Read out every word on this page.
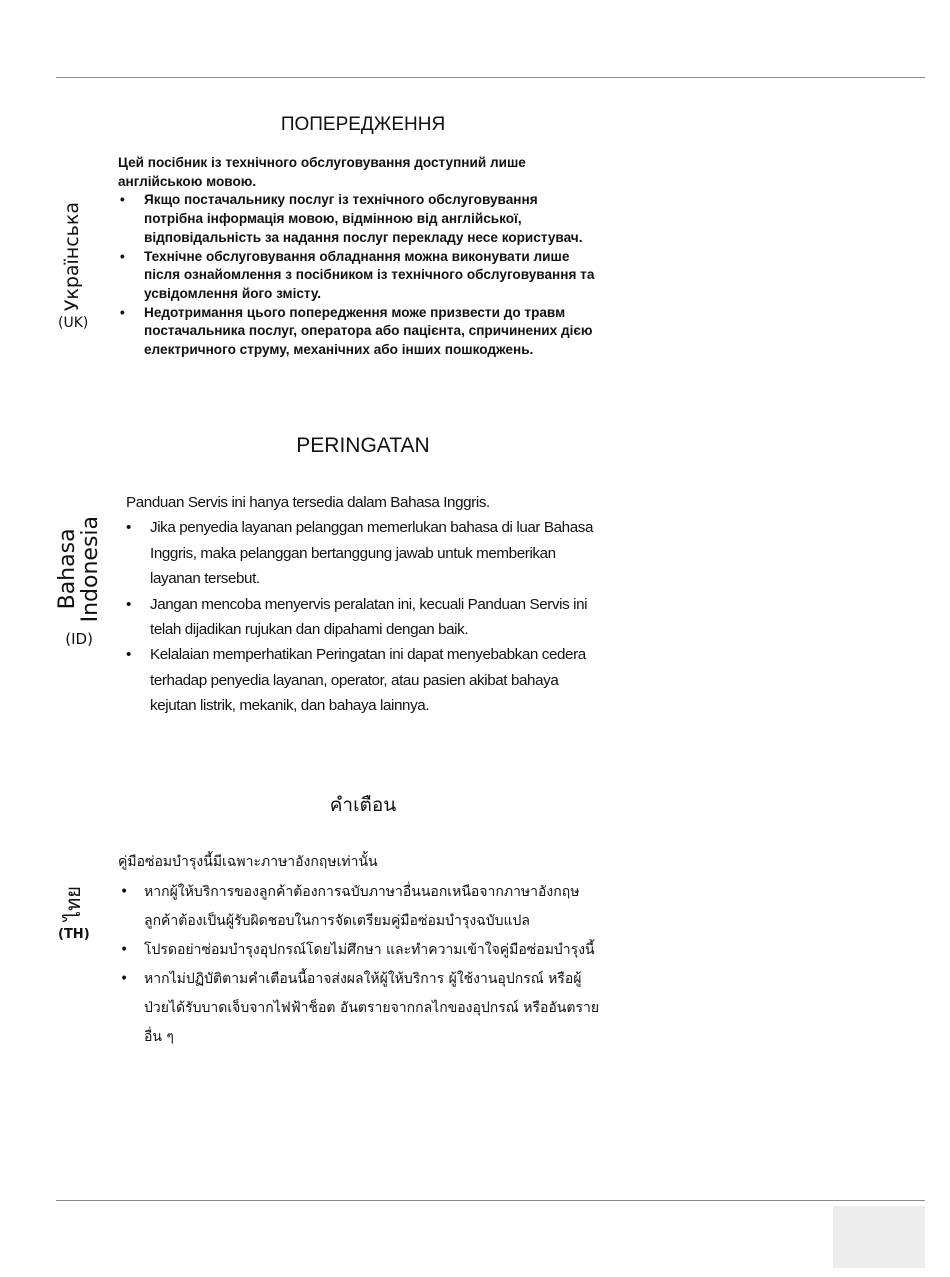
ПОПЕРЕДЖЕННЯ
Українська
(UK)

Цей посібник із технічного обслуговування доступний лише англійською мовою.

• Якщо постачальнику послуг із технічного обслуговування потрібна інформація мовою, відмінною від англійської, відповідальність за надання послуг перекладу несе користувач.
• Технічне обслуговування обладнання можна виконувати лише після ознайомлення з посібником із технічного обслуговування та усвідомлення його змісту.
• Недотримання цього попередження може призвести до травм постачальника послуг, оператора або пацієнта, спричинених дією електричного струму, механічних або інших пошкоджень.
PERINGATAN
Bahasa
Indonesia
(ID)

Panduan Servis ini hanya tersedia dalam Bahasa Inggris.

• Jika penyedia layanan pelanggan memerlukan bahasa di luar Bahasa Inggris, maka pelanggan bertanggung jawab untuk memberikan layanan tersebut.
• Jangan mencoba menyervis peralatan ini, kecuali Panduan Servis ini telah dijadikan rujukan dan dipahami dengan baik.
• Kelalaian memperhatikan Peringatan ini dapat menyebabkan cedera terhadap penyedia layanan, operator, atau pasien akibat bahaya kejutan listrik, mekanik, dan bahaya lainnya.
คำเตือน
ไทย
(TH)

คู่มือซ่อมบำรุงนี้มีเฉพาะภาษาอังกฤษเท่านั้น

• หากผู้ให้บริการของลูกค้าต้องการฉบับภาษาอื่นนอกเหนือจากภาษาอังกฤษ ลูกค้าต้องเป็นผู้รับผิดชอบในการจัดเตรียมคู่มือซ่อมบำรุงฉบับแปล
• โปรดอย่าซ่อมบำรุงอุปกรณ์โดยไม่ศึกษา และทำความเข้าใจคู่มือซ่อมบำรุงนี้
• หากไม่ปฏิบัติตามคำเตือนนี้อาจส่งผลให้ผู้ให้บริการ ผู้ใช้งานอุปกรณ์ หรือผู้ป่วยได้รับบาดเจ็บจากไฟฟ้าช็อต อันตรายจากกลไกของอุปกรณ์ หรืออันตรายอื่น ๆ
